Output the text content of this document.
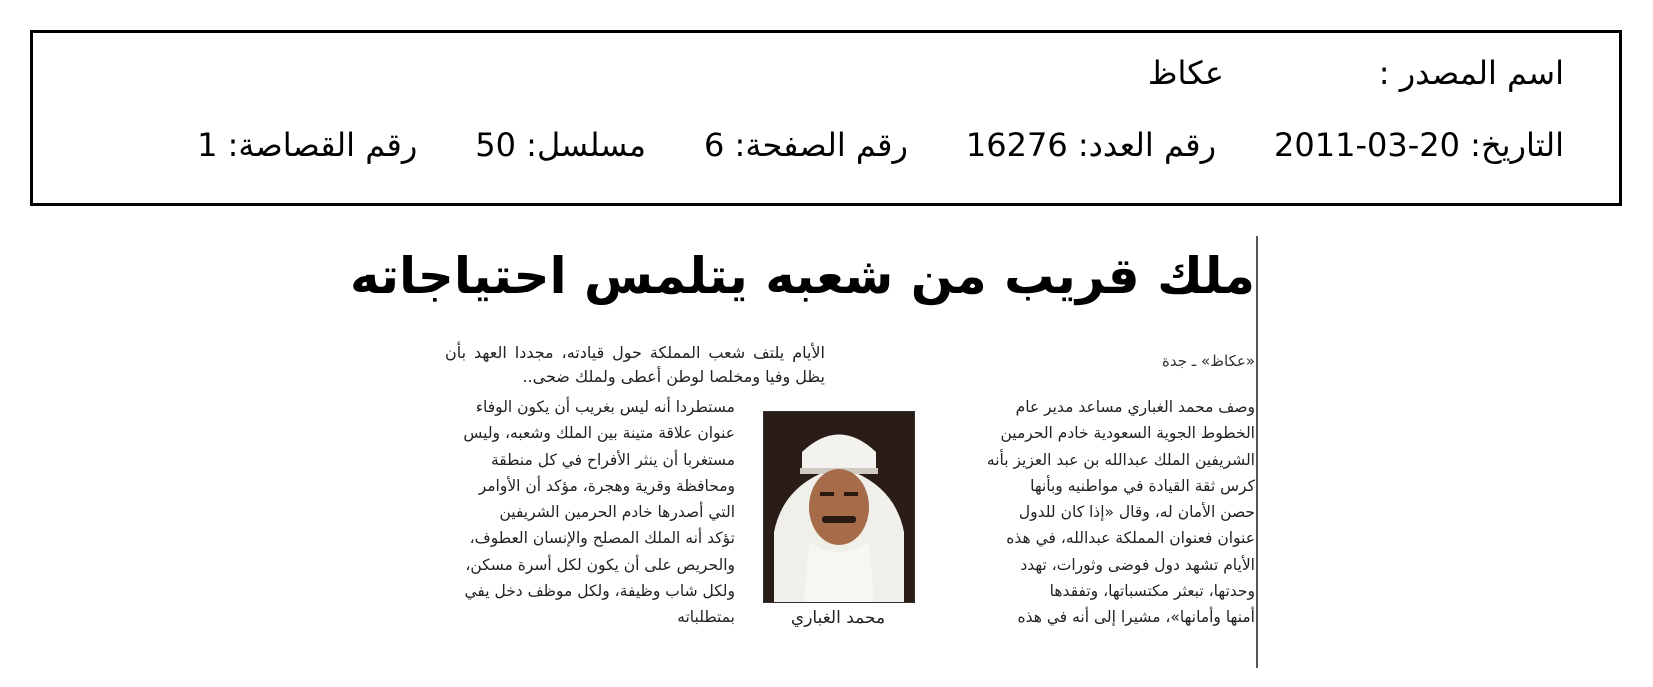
اسم المصدر :عكاظ
التاريخ: 2011-03-20رقم العدد: 16276رقم الصفحة: 6مسلسل: 50رقم القصاصة: 1
ملك قريب من شعبه يتلمس احتياجاته
«عكاظ» ـ جدة
الأيام يلتف شعب المملكة حول قيادته، مجددا العهد بأن يظل وفيا ومخلصا لوطن أعطى ولملك ضحى..
وصف محمد الغباري مساعد مدير عام
الخطوط الجوية السعودية خادم الحرمين
الشريفين الملك عبدالله بن عبد العزيز بأنه
كرس ثقة القيادة في مواطنيه وبأنها
حصن الأمان له، وقال «إذا كان للدول
عنوان فعنوان المملكة عبدالله، في هذه
الأيام تشهد دول فوضى وثورات، تهدد
وحدتها، تبعثر مكتسباتها، وتفقدها
أمنها وأمانها»، مشيرا إلى أنه في هذه
محمد الغباري
مستطردا أنه ليس بغريب أن يكون الوفاء
عنوان علاقة متينة بين الملك وشعبه، وليس
مستغربا أن ينثر الأفراح في كل منطقة
ومحافظة وقرية وهجرة، مؤكد أن الأوامر
التي أصدرها خادم الحرمين الشريفين
تؤكد أنه الملك المصلح والإنسان العطوف،
والحريص على أن يكون لكل أسرة مسكن،
ولكل شاب وظيفة، ولكل موظف دخل يفي
بمتطلباته
